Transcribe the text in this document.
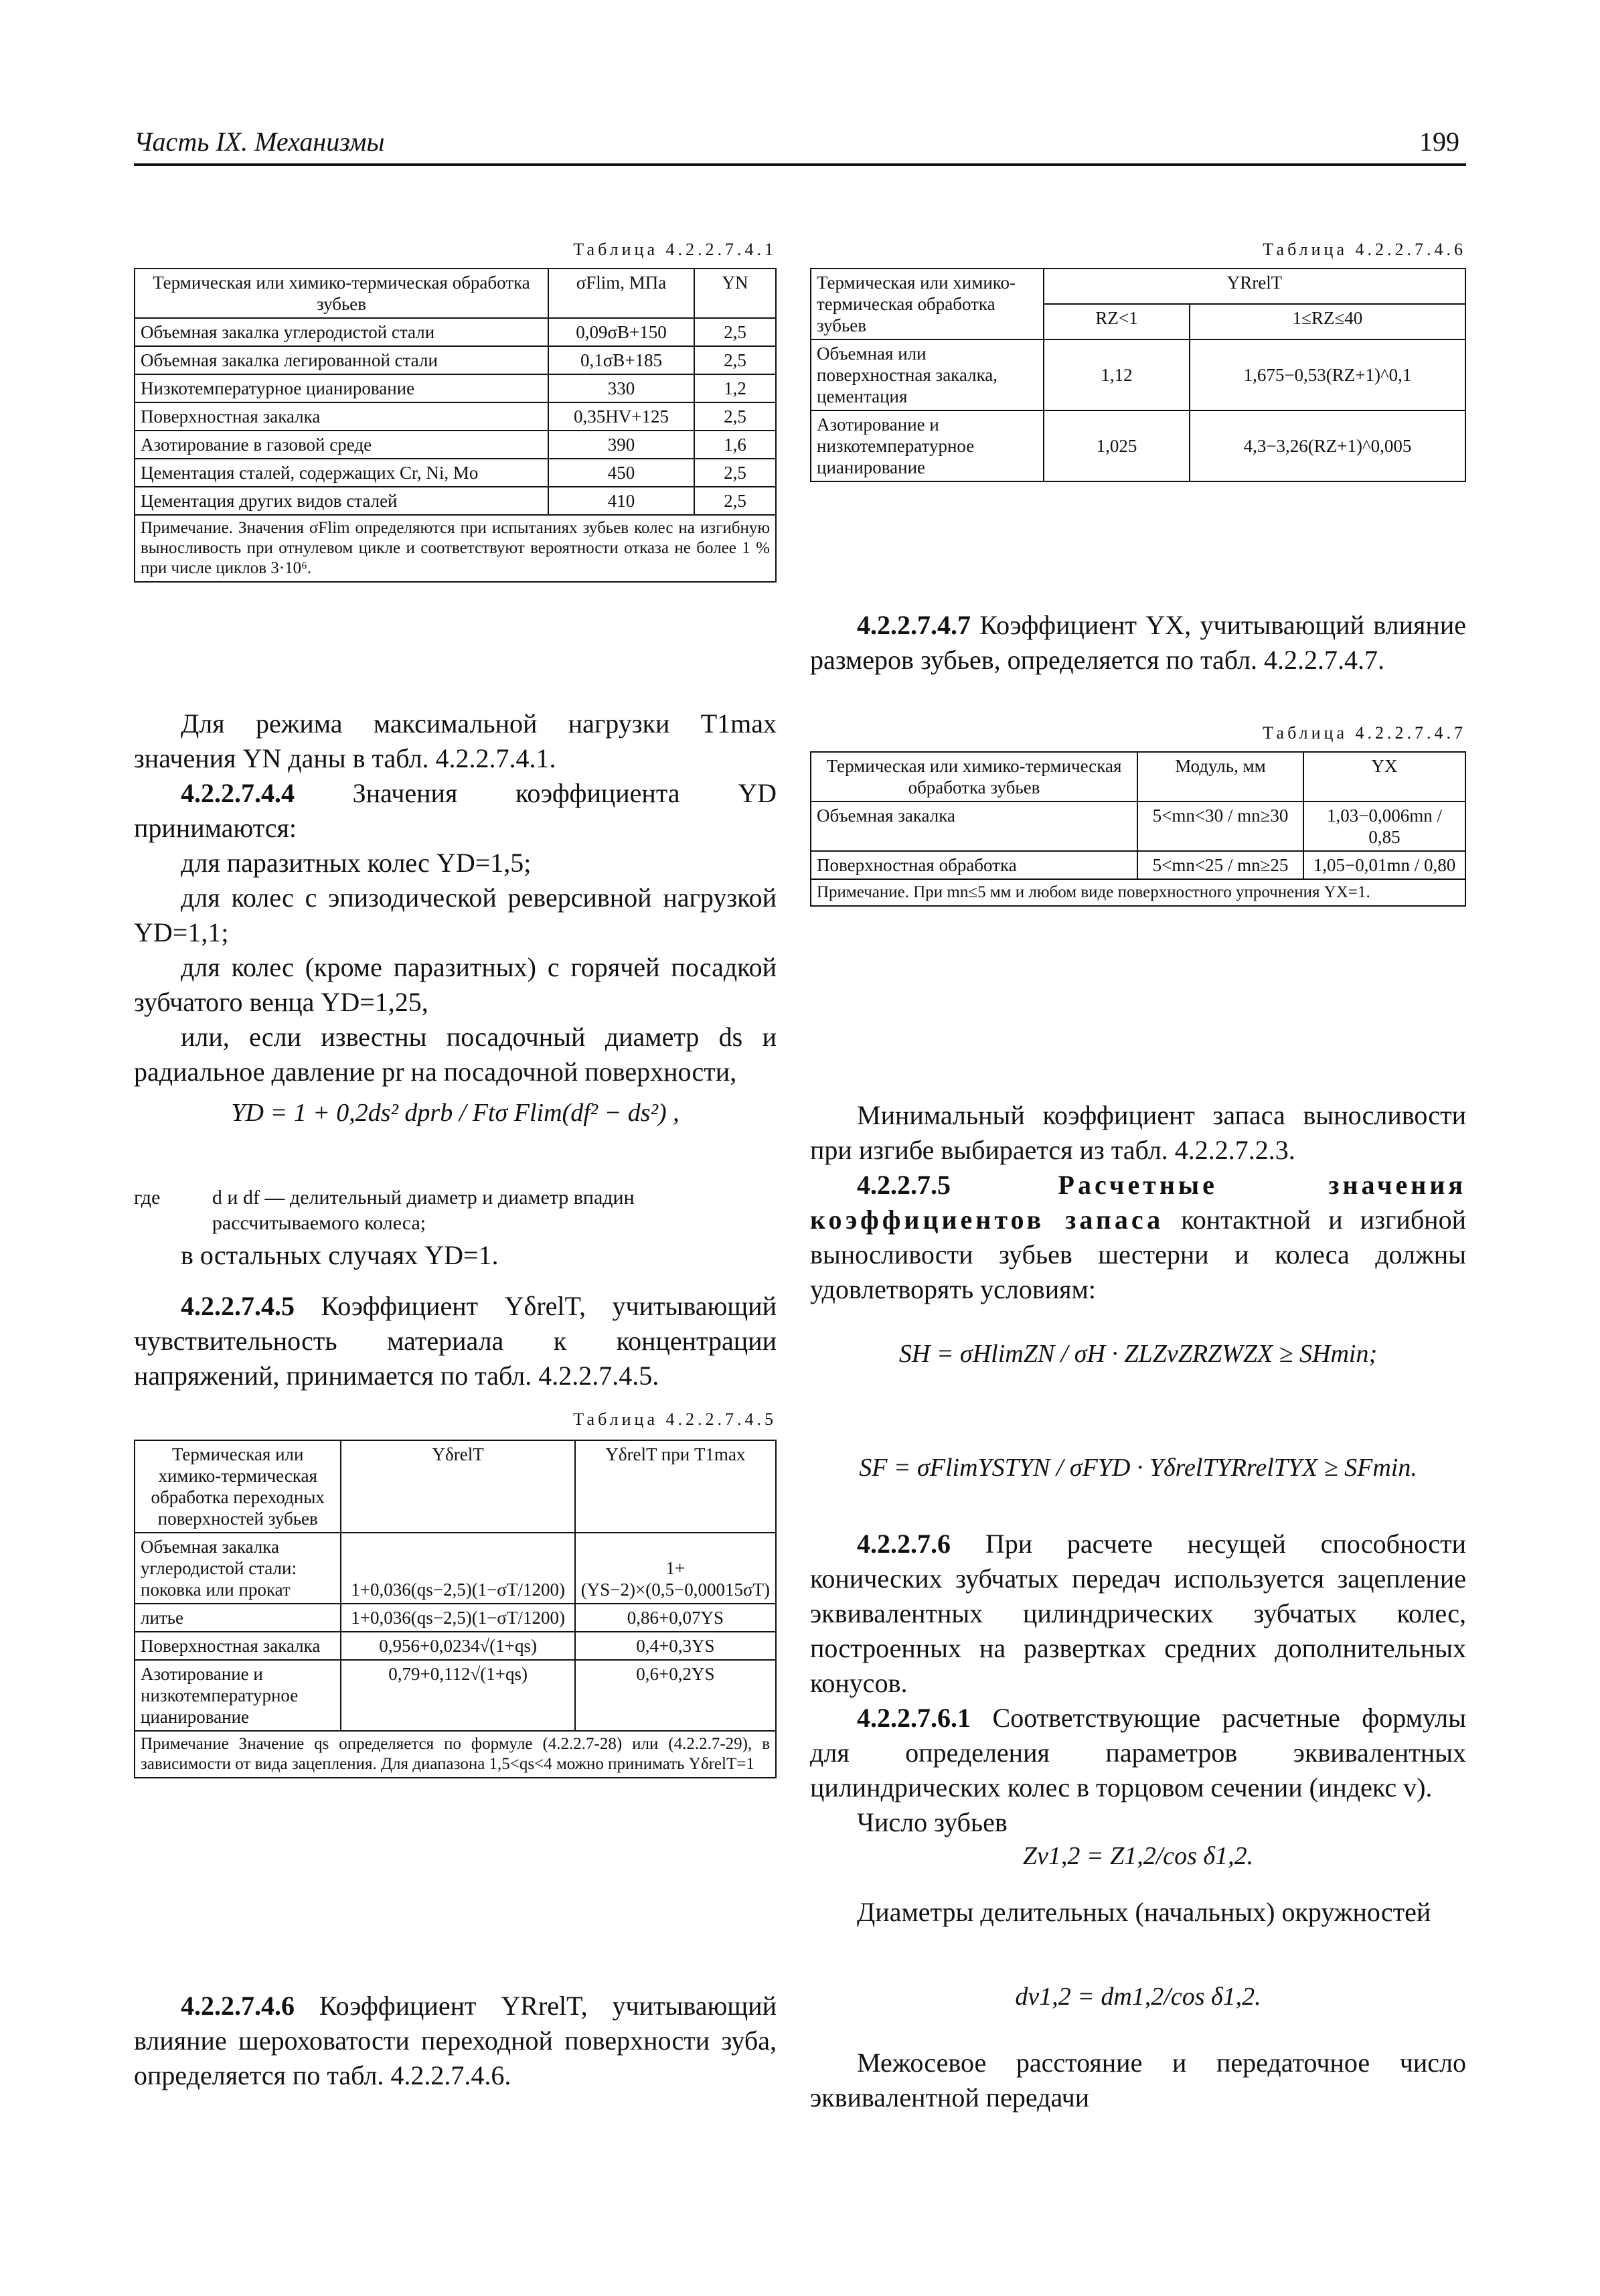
Часть IX. Механизмы	199
Таблица 4.2.2.7.4.1
Термическая или химико-термическая обработка зубьев	σFlim, МПа	YN
Объемная закалка углеродистой стали	0,09σB+150	2,5
Объемная закалка легированной стали	0,1σB+185	2,5
Низкотемпературное цианирование	330	1,2
Поверхностная закалка	0,35HV+125	2,5
Азотирование в газовой среде	390	1,6
Цементация сталей, содержащих Cr, Ni, Mo	450	2,5
Цементация других видов сталей	410	2,5
Примечание. Значения σFlim определяются при испытаниях зубьев колес на изгибную выносливость при отнулевом цикле и соответствуют вероятности отказа не более 1 % при числе циклов 3·10⁶.		
Таблица 4.2.2.7.4.6
Термическая или химико-термическая обработка зубьев	YRrelT	
	RZ<1	1≤RZ≤40
Объемная или поверхностная закалка, цементация	1,12	1,675−0,53(RZ+1)^0,1
Азотирование и низкотемпературное цианирование	1,025	4,3−3,26(RZ+1)^0,005

4.2.2.7.4.7 Коэффициент YX, учитывающий влияние размеров зубьев, определяется по табл. 4.2.2.7.4.7.

Таблица 4.2.2.7.4.7
Термическая или химико-термическая обработка зубьев	Модуль, мм	YX
Объемная закалка	5<mn<30 / mn≥30	1,03−0,006mn / 0,85
Поверхностная обработка	5<mn<25 / mn≥25	1,05−0,01mn / 0,80
Примечание. При mn≤5 мм и любом виде поверхностного упрочнения YX=1.		

Для режима максимальной нагрузки T1max значения YN даны в табл. 4.2.2.7.4.1.

4.2.2.7.4.4 Значения коэффициента YD принимаются:

для паразитных колес YD=1,5;

для колес с эпизодической реверсивной нагрузкой YD=1,1;

для колес (кроме паразитных) с горячей посадкой зубчатого венца YD=1,25,

или, если известны посадочный диаметр ds и радиальное давление pr на посадочной поверхности,

YD = 1 + 0,2ds² dprb / Ftσ Flim(df² − ds²) ,
где	d и df — делительный диаметр и диаметр впадин рассчитываемого колеса;

в остальных случаях YD=1.

4.2.2.7.4.5 Коэффициент YδrelT, учитывающий чувствительность материала к концентрации напряжений, принимается по табл. 4.2.2.7.4.5.

Таблица 4.2.2.7.4.5
Термическая или химико-термическая обработка переходных поверхностей зубьев	YδrelT	YδrelT при T1max
Объемная закалка углеродистой стали: поковка или прокат	1+0,036(qs−2,5)(1−σT/1200)	1+(YS−2)×(0,5−0,00015σT)
литье	1+0,036(qs−2,5)(1−σT/1200)	0,86+0,07YS
Поверхностная закалка	0,956+0,0234√(1+qs)	0,4+0,3YS
Азотирование и низкотемпературное цианирование	0,79+0,112√(1+qs)	0,6+0,2YS
Примечание Значение qs определяется по формуле (4.2.2.7-28) или (4.2.2.7-29), в зависимости от вида зацепления. Для диапазона 1,5<qs<4 можно принимать YδrelT=1		

4.2.2.7.4.6 Коэффициент YRrelT, учитывающий влияние шероховатости переходной поверхности зуба, определяется по табл. 4.2.2.7.4.6.

Минимальный коэффициент запаса выносливости при изгибе выбирается из табл. 4.2.2.7.2.3.

4.2.2.7.5	Расчетные значения коэффициентов запаса контактной и изгибной выносливости зубьев шестерни и колеса должны удовлетворять условиям:

SH = σHlimZN / σH · ZLZvZRZWZX ≥ SHmin;
SF = σFlimYSTYN / σFYD · YδrelTYRrelTYX ≥ SFmin.

4.2.2.7.6 При расчете несущей способности конических зубчатых передач используется зацепление эквивалентных цилиндрических зубчатых колес, построенных на развертках средних дополнительных конусов.

4.2.2.7.6.1 Соответствующие расчетные формулы для определения параметров эквивалентных цилиндрических колес в торцовом сечении (индекс v).

Число зубьев

Zv1,2 = Z1,2/cos δ1,2.

Диаметры делительных (начальных) окружностей

dv1,2 = dm1,2/cos δ1,2.

Межосевое расстояние и передаточное число эквивалентной передачи
